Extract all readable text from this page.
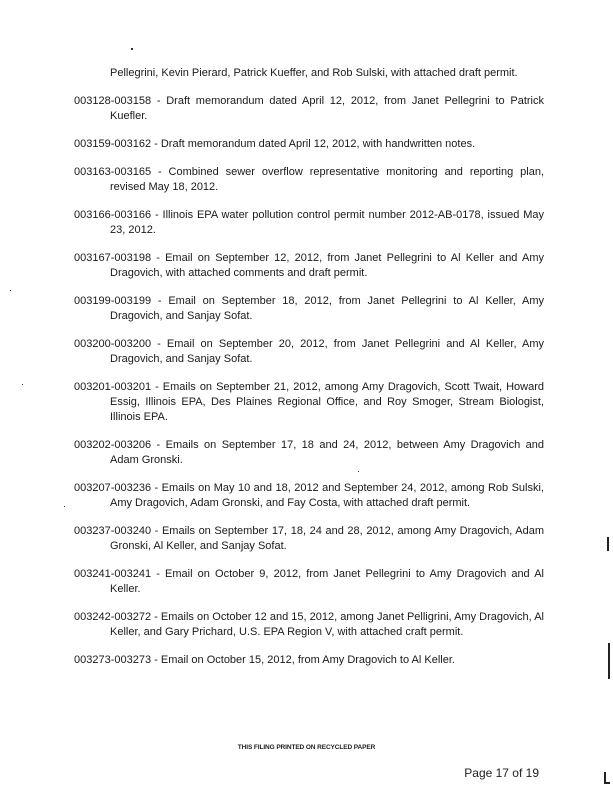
Pellegrini, Kevin Pierard, Patrick Kueffer, and Rob Sulski, with attached draft permit.

003128-003158 - Draft memorandum dated April 12, 2012, from Janet Pellegrini to Patrick Kuefler.

003159-003162 - Draft memorandum dated April 12, 2012, with handwritten notes.

003163-003165 - Combined sewer overflow representative monitoring and reporting plan, revised May 18, 2012.

003166-003166 - Illinois EPA water pollution control permit number 2012-AB-0178, issued May 23, 2012.

003167-003198 - Email on September 12, 2012, from Janet Pellegrini to Al Keller and Amy Dragovich, with attached comments and draft permit.

003199-003199 - Email on September 18, 2012, from Janet Pellegrini to Al Keller, Amy Dragovich, and Sanjay Sofat.

003200-003200 - Email on September 20, 2012, from Janet Pellegrini and Al Keller, Amy Dragovich, and Sanjay Sofat.

003201-003201 - Emails on September 21, 2012, among Amy Dragovich, Scott Twait, Howard Essig, Illinois EPA, Des Plaines Regional Office, and Roy Smoger, Stream Biologist, Illinois EPA.

003202-003206 - Emails on September 17, 18 and 24, 2012, between Amy Dragovich and Adam Gronski.

003207-003236 - Emails on May 10 and 18, 2012 and September 24, 2012, among Rob Sulski, Amy Dragovich, Adam Gronski, and Fay Costa, with attached draft permit.

003237-003240 - Emails on September 17, 18, 24 and 28, 2012, among Amy Dragovich, Adam Gronski, Al Keller, and Sanjay Sofat.

003241-003241 - Email on October 9, 2012, from Janet Pellegrini to Amy Dragovich and Al Keller.

003242-003272 - Emails on October 12 and 15, 2012, among Janet Pelligrini, Amy Dragovich, Al Keller, and Gary Prichard, U.S. EPA Region V, with attached craft permit.

003273-003273 - Email on October 15, 2012, from Amy Dragovich to Al Keller.

THIS FILING PRINTED ON RECYCLED PAPER
Page 17 of 19
